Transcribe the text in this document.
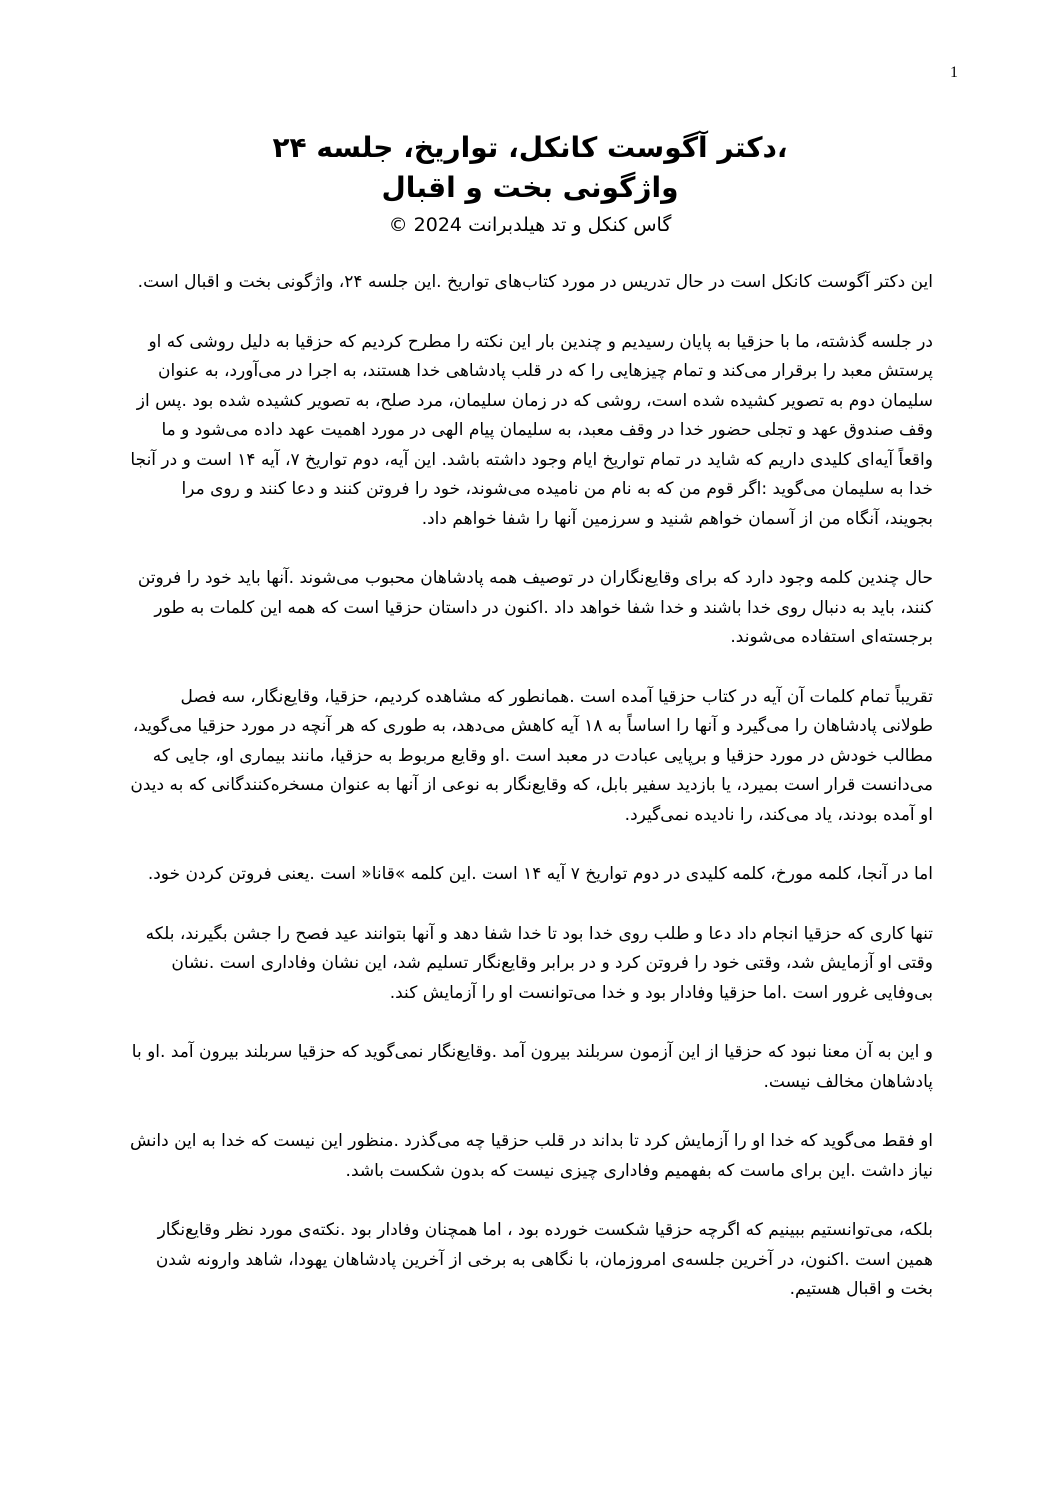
1
،دکتر آگوست کانکل، تواریخ، جلسه ۲۴
واژگونی بخت و اقبال
گاس کنکل و تد هیلدبرانت 2024 ©

این دکتر آگوست کانکل است در حال تدریس در مورد کتاب‌های تواریخ .این جلسه ۲۴، واژگونی بخت و اقبال است.

در جلسه گذشته، ما با حزقیا به پایان رسیدیم و چندین بار این نکته را مطرح کردیم که حزقیا به دلیل روشی که او پرستش معبد را برقرار می‌کند و تمام چیزهایی را که در قلب پادشاهی خدا هستند، به اجرا در می‌آورد، به عنوان سلیمان دوم به تصویر کشیده شده است، روشی که در زمان سلیمان، مرد صلح، به تصویر کشیده شده بود .پس از وقف صندوق عهد و تجلی حضور خدا در وقف معبد، به سلیمان پیام الهی در مورد اهمیت عهد داده می‌شود و ما واقعاً آیه‌ای کلیدی داریم که شاید در تمام تواریخ ایام وجود داشته باشد. این آیه، دوم تواریخ ۷، آیه ۱۴ است و در آنجا خدا به سلیمان می‌گوید :اگر قوم من که به نام من نامیده می‌شوند، خود را فروتن کنند و دعا کنند و روی مرا بجویند، آنگاه من از آسمان خواهم شنید و سرزمین آنها را شفا خواهم داد.

حال چندین کلمه وجود دارد که برای وقایع‌نگاران در توصیف همه پادشاهان محبوب می‌شوند .آنها باید خود را فروتن کنند، باید به دنبال روی خدا باشند و خدا شفا خواهد داد .اکنون در داستان حزقیا است که همه این کلمات به طور برجسته‌ای استفاده می‌شوند.

تقریباً تمام کلمات آن آیه در کتاب حزقیا آمده است .همانطور که مشاهده کردیم، حزقیا، وقایع‌نگار، سه فصل طولانی پادشاهان را می‌گیرد و آنها را اساساً به ۱۸ آیه کاهش می‌دهد، به طوری که هر آنچه در مورد حزقیا می‌گوید، مطالب خودش در مورد حزقیا و برپایی عبادت در معبد است .او وقایع مربوط به حزقیا، مانند بیماری او، جایی که می‌دانست قرار است بمیرد، یا بازدید سفیر بابل، که وقایع‌نگار به نوعی از آنها به عنوان مسخره‌کنندگانی که به دیدن او آمده بودند، یاد می‌کند، را نادیده نمی‌گیرد.

اما در آنجا، کلمه مورخ، کلمه کلیدی در دوم تواریخ ۷ آیه ۱۴ است .این کلمه »قانا« است .یعنی فروتن کردن خود.

تنها کاری که حزقیا انجام داد دعا و طلب روی خدا بود تا خدا شفا دهد و آنها بتوانند عید فصح را جشن بگیرند، بلکه وقتی او آزمایش شد، وقتی خود را فروتن کرد و در برابر وقایع‌نگار تسلیم شد، این نشان وفاداری است .نشان بی‌وفایی غرور است .اما حزقیا وفادار بود و خدا می‌توانست او را آزمایش کند.

و این به آن معنا نبود که حزقیا از این آزمون سربلند بیرون آمد .وقایع‌نگار نمی‌گوید که حزقیا سربلند بیرون آمد .او با پادشاهان مخالف نیست.

او فقط می‌گوید که خدا او را آزمایش کرد تا بداند در قلب حزقیا چه می‌گذرد .منظور این نیست که خدا به این دانش نیاز داشت .این برای ماست که بفهمیم وفاداری چیزی نیست که بدون شکست باشد.

بلکه، می‌توانستیم ببینیم که اگرچه حزقیا شکست خورده بود ، اما همچنان وفادار بود .نکته‌ی مورد نظر وقایع‌نگار همین است .اکنون، در آخرین جلسه‌ی امروزمان، با نگاهی به برخی از آخرین پادشاهان یهودا، شاهد وارونه شدن بخت و اقبال هستیم.
